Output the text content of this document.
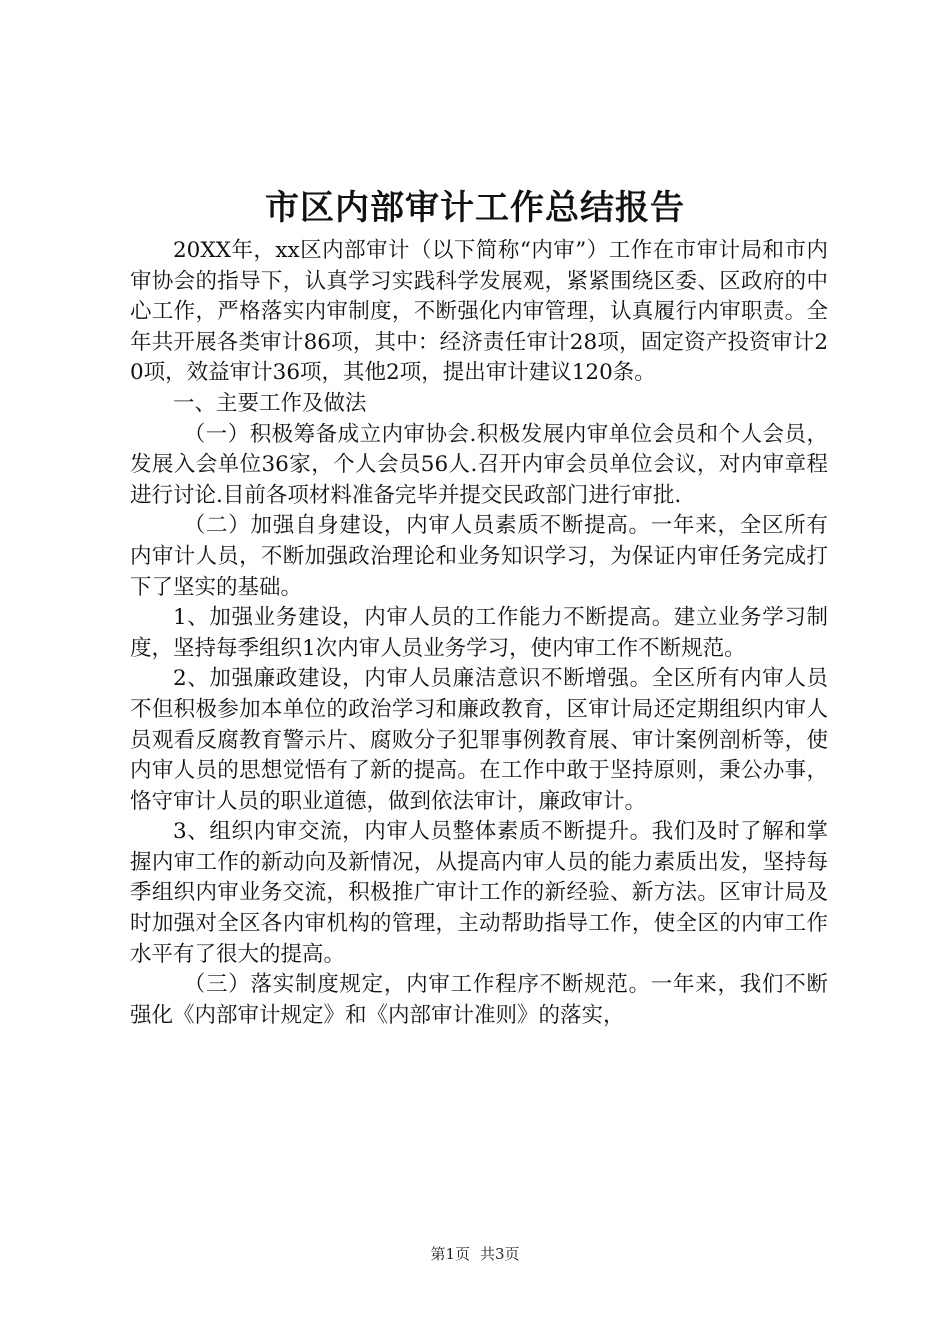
市区内部审计工作总结报告

20XX年，xx区内部审计（以下简称“内审”）工作在市审计局和市内审协会的指导下，认真学习实践科学发展观，紧紧围绕区委、区政府的中心工作，严格落实内审制度，不断强化内审管理，认真履行内审职责。全年共开展各类审计86项，其中：经济责任审计28项，固定资产投资审计20项，效益审计36项，其他2项，提出审计建议120条。

一、主要工作及做法

（一）积极筹备成立内审协会.积极发展内审单位会员和个人会员，发展入会单位36家，个人会员56人.召开内审会员单位会议，对内审章程进行讨论.目前各项材料准备完毕并提交民政部门进行审批.

（二）加强自身建设，内审人员素质不断提高。一年来，全区所有内审计人员，不断加强政治理论和业务知识学习，为保证内审任务完成打下了坚实的基础。

1、加强业务建设，内审人员的工作能力不断提高。建立业务学习制度，坚持每季组织1次内审人员业务学习，使内审工作不断规范。

2、加强廉政建设，内审人员廉洁意识不断增强。全区所有内审人员不但积极参加本单位的政治学习和廉政教育，区审计局还定期组织内审人员观看反腐教育警示片、腐败分子犯罪事例教育展、审计案例剖析等，使内审人员的思想觉悟有了新的提高。在工作中敢于坚持原则，秉公办事，恪守审计人员的职业道德，做到依法审计，廉政审计。

3、组织内审交流，内审人员整体素质不断提升。我们及时了解和掌握内审工作的新动向及新情况，从提高内审人员的能力素质出发，坚持每季组织内审业务交流，积极推广审计工作的新经验、新方法。区审计局及时加强对全区各内审机构的管理，主动帮助指导工作，使全区的内审工作水平有了很大的提高。

（三）落实制度规定，内审工作程序不断规范。一年来，我们不断强化《内部审计规定》和《内部审计准则》的落实，

第1页 共3页
